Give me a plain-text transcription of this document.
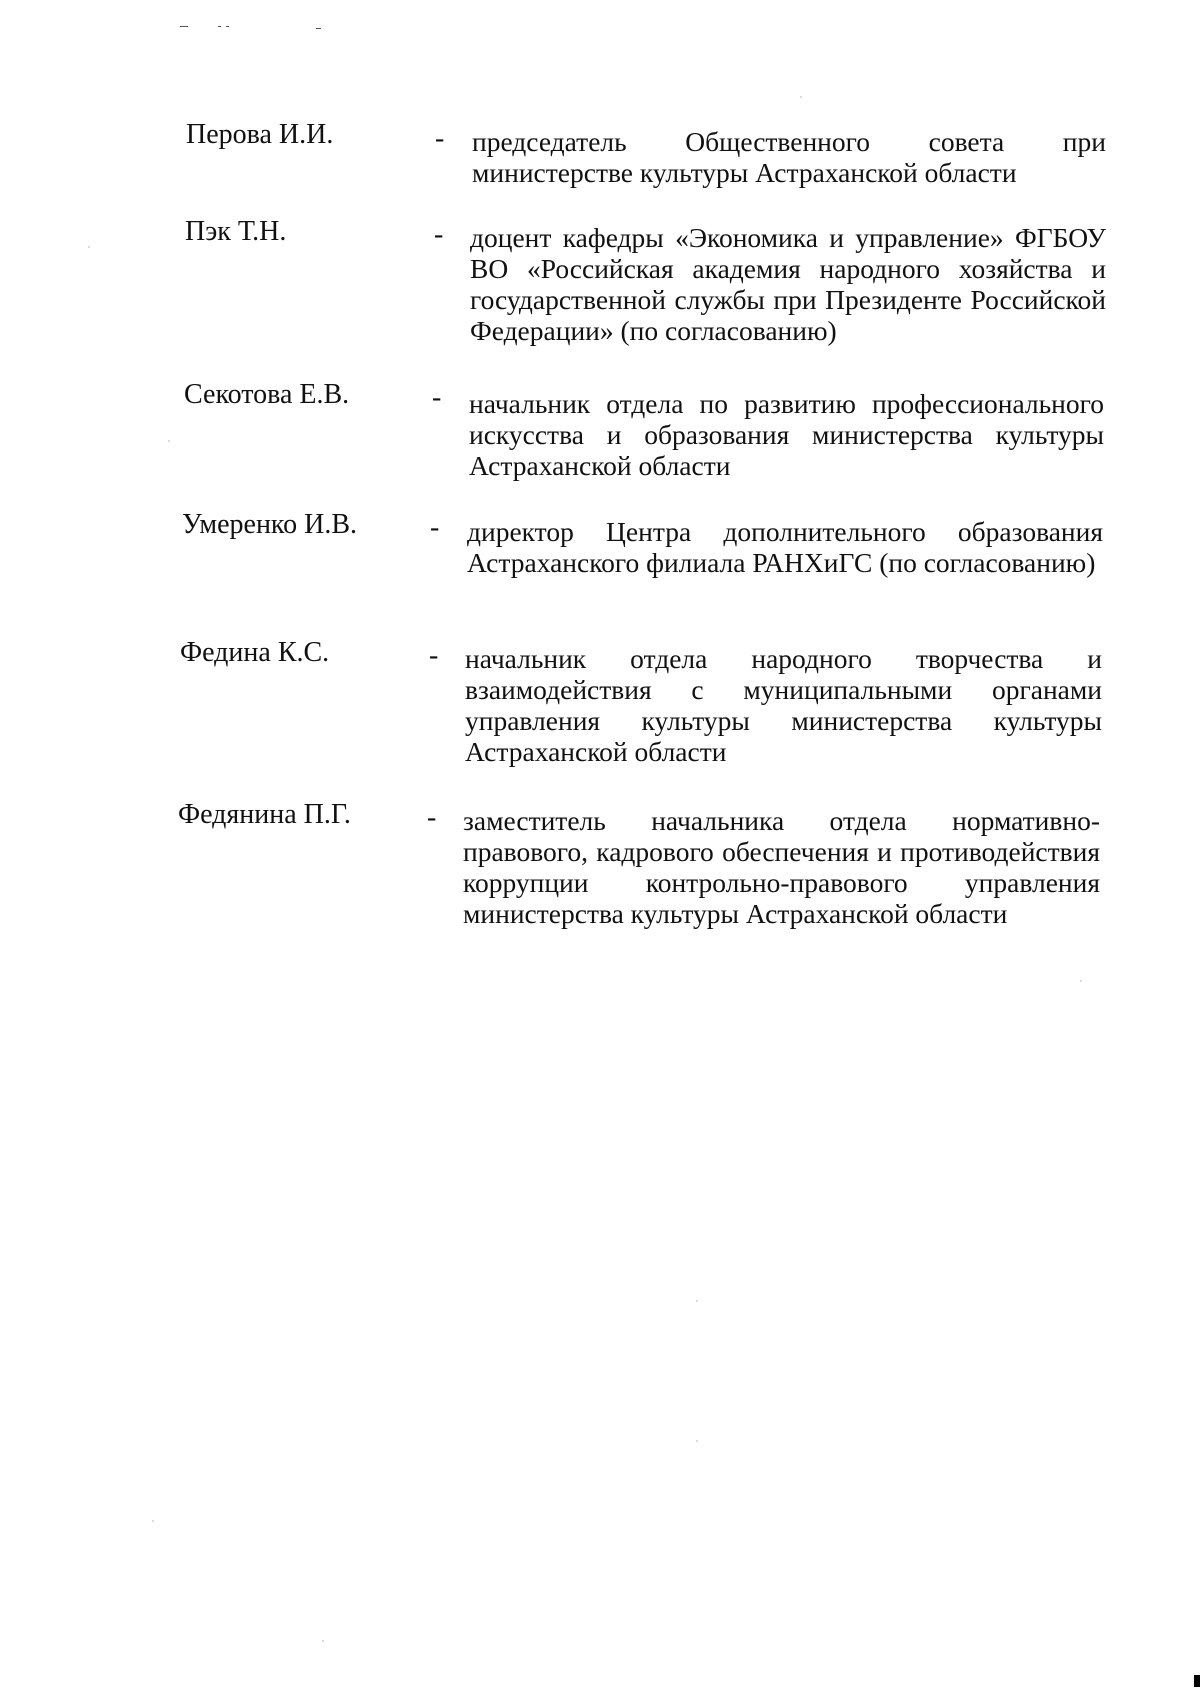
Перова И.И.	- председатель Общественного совета при министерстве культуры Астраханской области
Пэк Т.Н.	- доцент кафедры «Экономика и управление» ФГБОУ ВО «Российская академия народного хозяйства и государственной службы при Президенте Российской Федерации» (по согласованию)
Секотова Е.В.	- начальник отдела по развитию профессионального искусства и образования министерства культуры Астраханской области
Умеренко И.В.	- директор Центра дополнительного образования Астраханского филиала РАНХиГС (по согласованию)
Федина К.С.	- начальник отдела народного творчества и взаимодействия с муниципальными органами управления культуры министерства культуры Астраханской области
Федянина П.Г.	- заместитель начальника отдела нормативно-правового, кадрового обеспечения и противодействия коррупции контрольно-правового управления министерства культуры Астраханской области
